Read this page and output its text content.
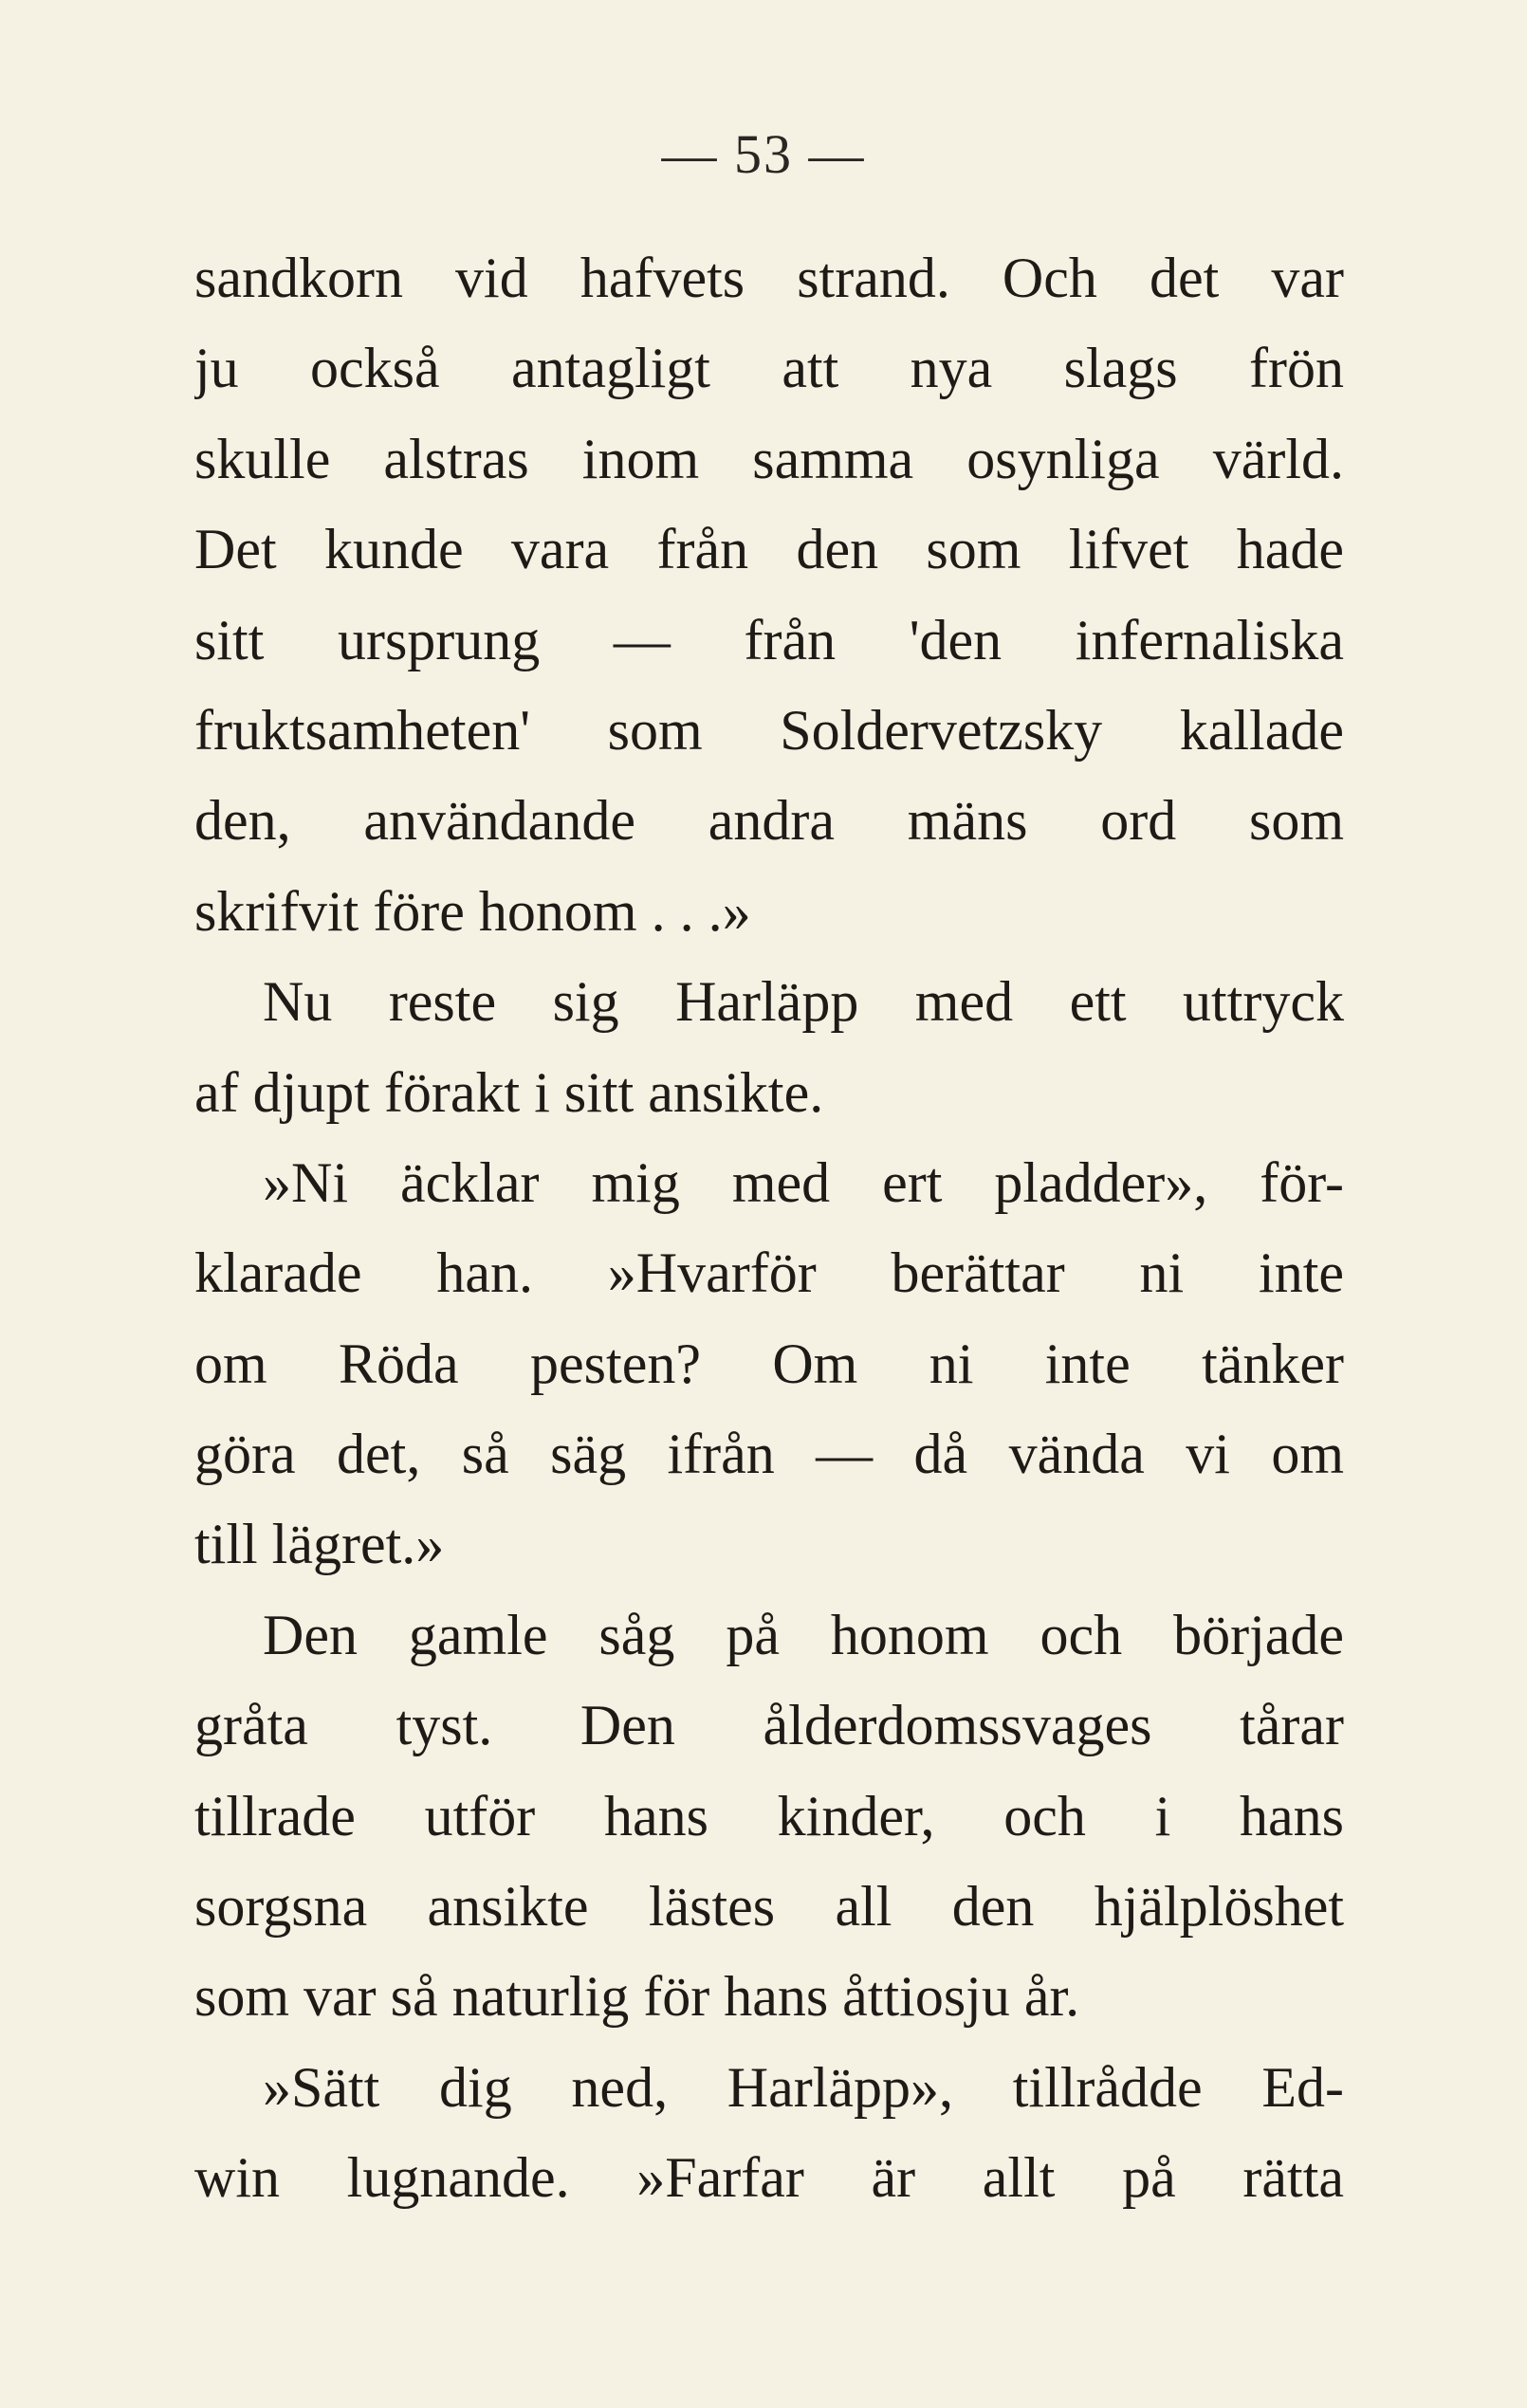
— 53 —
sandkorn vid hafvets strand. Och det var
ju också antagligt att nya slags frön
skulle alstras inom samma osynliga värld.
Det kunde vara från den som lifvet hade
sitt ursprung — från 'den infernaliska
fruktsamheten' som Soldervetzsky kallade
den, användande andra mäns ord som
skrifvit före honom . . .»
Nu reste sig Harläpp med ett uttryck
af djupt förakt i sitt ansikte.
»Ni äcklar mig med ert pladder», för-
klarade han. »Hvarför berättar ni inte
om Röda pesten? Om ni inte tänker
göra det, så säg ifrån — då vända vi om
till lägret.»
Den gamle såg på honom och började
gråta tyst. Den ålderdomssvages tårar
tillrade utför hans kinder, och i hans
sorgsna ansikte lästes all den hjälplöshet
som var så naturlig för hans åttiosju år.
»Sätt dig ned, Harläpp», tillrådde Ed-
win lugnande. »Farfar är allt på rätta
